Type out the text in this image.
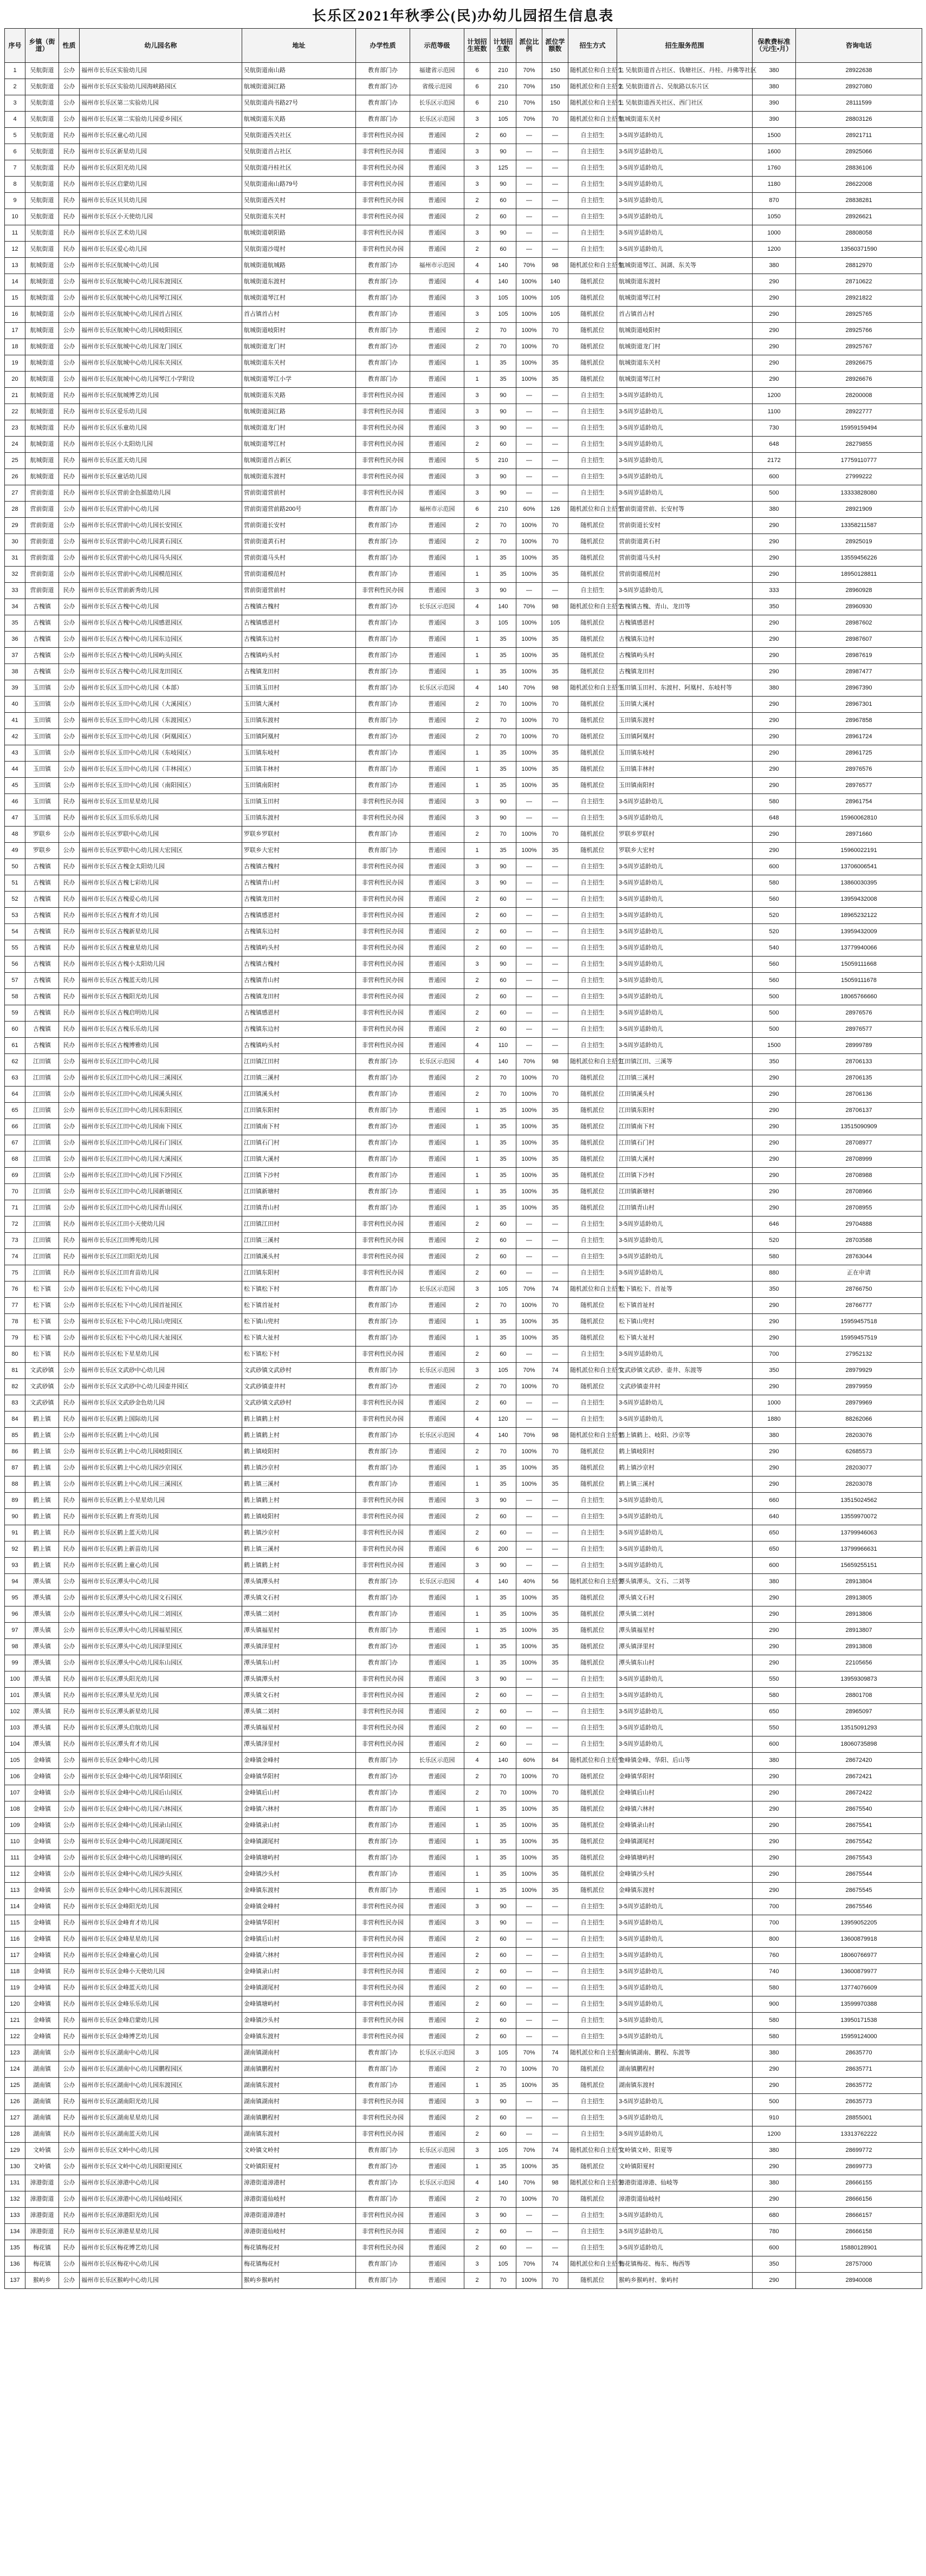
长乐区2021年秋季公(民)办幼儿园招生信息表
序号	乡镇（街道）	性质	幼儿园名称	地址	办学性质	示范等级	计划招生班数	计划招生数	派位比例	派位学额数	招生方式	招生服务范围	保教费标准（元/生•月）	咨询电话
1	吴航街道	公办	福州市长乐区实验幼儿园	吴航街道南山路	教育部门办	福建省示范园	6	210	70%	150	随机派位和自主招生	1. 吴航街道首占社区、钱塘社区、丹桂、丹佛等社区	380	28922638
2	吴航街道	公办	福州市长乐区实验幼儿园海峡路园区	航城街道洞江路	教育部门办	省级示范园	6	210	70%	150	随机派位和自主招生	2. 吴航街道首占、吴航路以东片区	380	28927080
3	吴航街道	公办	福州市长乐区第二实验幼儿园	吴航街道尚书路27号	教育部门办	长乐区示范园	6	210	70%	150	随机派位和自主招生	1. 吴航街道西关社区、西门社区	390	28111599
4	吴航街道	公办	福州市长乐区第二实验幼儿园爱乡园区	航城街道东关路	教育部门办	长乐区示范园	3	105	70%	70	随机派位和自主招生	航城街道东关村	390	28803126
5	吴航街道	民办	福州市长乐区童心幼儿园	吴航街道西关社区	非营利性民办园	普通园	2	60	—	—	自主招生	3-5周岁适龄幼儿	1500	28921711
6	吴航街道	民办	福州市长乐区新星幼儿园	吴航街道首占社区	非营利性民办园	普通园	3	90	—	—	自主招生	3-5周岁适龄幼儿	1600	28925066
7	吴航街道	民办	福州市长乐区阳光幼儿园	吴航街道丹桂社区	非营利性民办园	普通园	3	125	—	—	自主招生	3-5周岁适龄幼儿	1760	28836106
8	吴航街道	民办	福州市长乐区启蒙幼儿园	吴航街道南山路79号	非营利性民办园	普通园	3	90	—	—	自主招生	3-5周岁适龄幼儿	1180	28622008
9	吴航街道	民办	福州市长乐区贝贝幼儿园	吴航街道西关村	非营利性民办园	普通园	2	60	—	—	自主招生	3-5周岁适龄幼儿	870	28838281
10	吴航街道	民办	福州市长乐区小天使幼儿园	吴航街道东关村	非营利性民办园	普通园	2	60	—	—	自主招生	3-5周岁适龄幼儿	1050	28926621
11	吴航街道	民办	福州市长乐区艺术幼儿园	航城街道朝阳路	非营利性民办园	普通园	3	90	—	—	自主招生	3-5周岁适龄幼儿	1000	28808058
12	吴航街道	民办	福州市长乐区爱心幼儿园	吴航街道沙堤村	非营利性民办园	普通园	2	60	—	—	自主招生	3-5周岁适龄幼儿	1200	13560371590
13	航城街道	公办	福州市长乐区航城中心幼儿园	航城街道航城路	教育部门办	福州市示范园	4	140	70%	98	随机派位和自主招生	航城街道琴江、洞湖、东关等	380	28812970
14	航城街道	公办	福州市长乐区航城中心幼儿园东渡园区	航城街道东渡村	教育部门办	普通园	4	140	100%	140	随机派位	航城街道东渡村	290	28710622
15	航城街道	公办	福州市长乐区航城中心幼儿园琴江园区	航城街道琴江村	教育部门办	普通园	3	105	100%	105	随机派位	航城街道琴江村	290	28921822
16	航城街道	公办	福州市长乐区航城中心幼儿园首占园区	首占镇首占村	教育部门办	普通园	3	105	100%	105	随机派位	首占镇首占村	290	28925765
17	航城街道	公办	福州市长乐区航城中心幼儿园岐阳园区	航城街道岐阳村	教育部门办	普通园	2	70	100%	70	随机派位	航城街道岐阳村	290	28925766
18	航城街道	公办	福州市长乐区航城中心幼儿园龙门园区	航城街道龙门村	教育部门办	普通园	2	70	100%	70	随机派位	航城街道龙门村	290	28925767
19	航城街道	公办	福州市长乐区航城中心幼儿园东关园区	航城街道东关村	教育部门办	普通园	1	35	100%	35	随机派位	航城街道东关村	290	28926675
20	航城街道	公办	福州市长乐区航城中心幼儿园琴江小学附设	航城街道琴江小学	教育部门办	普通园	1	35	100%	35	随机派位	航城街道琴江村	290	28926676
21	航城街道	民办	福州市长乐区航城博艺幼儿园	航城街道东关路	非营利性民办园	普通园	3	90	—	—	自主招生	3-5周岁适龄幼儿	1200	28200008
22	航城街道	民办	福州市长乐区爱乐幼儿园	航城街道洞江路	非营利性民办园	普通园	3	90	—	—	自主招生	3-5周岁适龄幼儿	1100	28922777
23	航城街道	民办	福州市长乐区乐童幼儿园	航城街道龙门村	非营利性民办园	普通园	3	90	—	—	自主招生	3-5周岁适龄幼儿	730	15959159494
24	航城街道	民办	福州市长乐区小太阳幼儿园	航城街道琴江村	非营利性民办园	普通园	2	60	—	—	自主招生	3-5周岁适龄幼儿	648	28279855
25	航城街道	民办	福州市长乐区蓝天幼儿园	航城街道首占新区	非营利性民办园	普通园	5	210	—	—	自主招生	3-5周岁适龄幼儿	2172	17759110777
26	航城街道	民办	福州市长乐区童话幼儿园	航城街道东渡村	非营利性民办园	普通园	3	90	—	—	自主招生	3-5周岁适龄幼儿	600	27999222
27	营前街道	民办	福州市长乐区营前金色摇篮幼儿园	营前街道营前村	非营利性民办园	普通园	3	90	—	—	自主招生	3-5周岁适龄幼儿	500	13333828080
28	营前街道	公办	福州市长乐区营前中心幼儿园	营前街道营前路200号	教育部门办	福州市示范园	6	210	60%	126	随机派位和自主招生	营前街道营前、长安村等	380	28921909
29	营前街道	公办	福州市长乐区营前中心幼儿园长安园区	营前街道长安村	教育部门办	普通园	2	70	100%	70	随机派位	营前街道长安村	290	13358211587
30	营前街道	公办	福州市长乐区营前中心幼儿园黄石园区	营前街道黄石村	教育部门办	普通园	2	70	100%	70	随机派位	营前街道黄石村	290	28925019
31	营前街道	公办	福州市长乐区营前中心幼儿园马头园区	营前街道马头村	教育部门办	普通园	1	35	100%	35	随机派位	营前街道马头村	290	13559456226
32	营前街道	公办	福州市长乐区营前中心幼儿园模范园区	营前街道模范村	教育部门办	普通园	1	35	100%	35	随机派位	营前街道模范村	290	18950128811
33	营前街道	民办	福州市长乐区营前新秀幼儿园	营前街道营前村	非营利性民办园	普通园	3	90	—	—	自主招生	3-5周岁适龄幼儿	333	28960928
34	古槐镇	公办	福州市长乐区古槐中心幼儿园	古槐镇古槐村	教育部门办	长乐区示范园	4	140	70%	98	随机派位和自主招生	古槐镇古槐、青山、龙田等	350	28960930
35	古槐镇	公办	福州市长乐区古槐中心幼儿园感恩园区	古槐镇感恩村	教育部门办	普通园	3	105	100%	105	随机派位	古槐镇感恩村	290	28987602
36	古槐镇	公办	福州市长乐区古槐中心幼儿园东边园区	古槐镇东边村	教育部门办	普通园	1	35	100%	35	随机派位	古槐镇东边村	290	28987607
37	古槐镇	公办	福州市长乐区古槐中心幼儿园屿头园区	古槐镇屿头村	教育部门办	普通园	1	35	100%	35	随机派位	古槐镇屿头村	290	28987619
38	古槐镇	公办	福州市长乐区古槐中心幼儿园龙田园区	古槐镇龙田村	教育部门办	普通园	1	35	100%	35	随机派位	古槐镇龙田村	290	28987477
39	玉田镇	公办	福州市长乐区玉田中心幼儿园（本部）	玉田镇玉田村	教育部门办	长乐区示范园	4	140	70%	98	随机派位和自主招生	玉田镇玉田村、东渡村、阿凰村、东岐村等	380	28967390
40	玉田镇	公办	福州市长乐区玉田中心幼儿园（大溪园区）	玉田镇大溪村	教育部门办	普通园	2	70	100%	70	随机派位	玉田镇大溪村	290	28967301
41	玉田镇	公办	福州市长乐区玉田中心幼儿园（东渡园区）	玉田镇东渡村	教育部门办	普通园	2	70	100%	70	随机派位	玉田镇东渡村	290	28967858
42	玉田镇	公办	福州市长乐区玉田中心幼儿园（阿凰园区）	玉田镇阿凰村	教育部门办	普通园	2	70	100%	70	随机派位	玉田镇阿凰村	290	28961724
43	玉田镇	公办	福州市长乐区玉田中心幼儿园（东岐园区）	玉田镇东岐村	教育部门办	普通园	1	35	100%	35	随机派位	玉田镇东岐村	290	28961725
44	玉田镇	公办	福州市长乐区玉田中心幼儿园（丰林园区）	玉田镇丰林村	教育部门办	普通园	1	35	100%	35	随机派位	玉田镇丰林村	290	28976576
45	玉田镇	公办	福州市长乐区玉田中心幼儿园（南阳园区）	玉田镇南阳村	教育部门办	普通园	1	35	100%	35	随机派位	玉田镇南阳村	290	28976577
46	玉田镇	民办	福州市长乐区玉田星星幼儿园	玉田镇玉田村	非营利性民办园	普通园	3	90	—	—	自主招生	3-5周岁适龄幼儿	580	28961754
47	玉田镇	民办	福州市长乐区玉田乐乐幼儿园	玉田镇东渡村	非营利性民办园	普通园	3	90	—	—	自主招生	3-5周岁适龄幼儿	648	15960062810
48	罗联乡	公办	福州市长乐区罗联中心幼儿园	罗联乡罗联村	教育部门办	普通园	2	70	100%	70	随机派位	罗联乡罗联村	290	28971660
49	罗联乡	公办	福州市长乐区罗联中心幼儿园大宏园区	罗联乡大宏村	教育部门办	普通园	1	35	100%	35	随机派位	罗联乡大宏村	290	15960022191
50	古槐镇	民办	福州市长乐区古槐金太阳幼儿园	古槐镇古槐村	非营利性民办园	普通园	3	90	—	—	自主招生	3-5周岁适龄幼儿	600	13706006541
51	古槐镇	民办	福州市长乐区古槐七彩幼儿园	古槐镇青山村	非营利性民办园	普通园	3	90	—	—	自主招生	3-5周岁适龄幼儿	580	13860030395
52	古槐镇	民办	福州市长乐区古槐爱心幼儿园	古槐镇龙田村	非营利性民办园	普通园	2	60	—	—	自主招生	3-5周岁适龄幼儿	560	13959432008
53	古槐镇	民办	福州市长乐区古槐育才幼儿园	古槐镇感恩村	非营利性民办园	普通园	2	60	—	—	自主招生	3-5周岁适龄幼儿	520	18965232122
54	古槐镇	民办	福州市长乐区古槐新星幼儿园	古槐镇东边村	非营利性民办园	普通园	2	60	—	—	自主招生	3-5周岁适龄幼儿	520	13959432009
55	古槐镇	民办	福州市长乐区古槐童星幼儿园	古槐镇屿头村	非营利性民办园	普通园	2	60	—	—	自主招生	3-5周岁适龄幼儿	540	13779940066
56	古槐镇	民办	福州市长乐区古槐小太阳幼儿园	古槐镇古槐村	非营利性民办园	普通园	3	90	—	—	自主招生	3-5周岁适龄幼儿	560	15059111668
57	古槐镇	民办	福州市长乐区古槐蓝天幼儿园	古槐镇青山村	非营利性民办园	普通园	2	60	—	—	自主招生	3-5周岁适龄幼儿	560	15059111678
58	古槐镇	民办	福州市长乐区古槐阳光幼儿园	古槐镇龙田村	非营利性民办园	普通园	2	60	—	—	自主招生	3-5周岁适龄幼儿	500	18065766660
59	古槐镇	民办	福州市长乐区古槐启明幼儿园	古槐镇感恩村	非营利性民办园	普通园	2	60	—	—	自主招生	3-5周岁适龄幼儿	500	28976576
60	古槐镇	民办	福州市长乐区古槐乐乐幼儿园	古槐镇东边村	非营利性民办园	普通园	2	60	—	—	自主招生	3-5周岁适龄幼儿	500	28976577
61	古槐镇	民办	福州市长乐区古槐博雅幼儿园	古槐镇屿头村	非营利性民办园	普通园	4	110	—	—	自主招生	3-5周岁适龄幼儿	1500	28999789
62	江田镇	公办	福州市长乐区江田中心幼儿园	江田镇江田村	教育部门办	长乐区示范园	4	140	70%	98	随机派位和自主招生	江田镇江田、三溪等	350	28706133
63	江田镇	公办	福州市长乐区江田中心幼儿园三溪园区	江田镇三溪村	教育部门办	普通园	2	70	100%	70	随机派位	江田镇三溪村	290	28706135
64	江田镇	公办	福州市长乐区江田中心幼儿园溪头园区	江田镇溪头村	教育部门办	普通园	2	70	100%	70	随机派位	江田镇溪头村	290	28706136
65	江田镇	公办	福州市长乐区江田中心幼儿园东阳园区	江田镇东阳村	教育部门办	普通园	1	35	100%	35	随机派位	江田镇东阳村	290	28706137
66	江田镇	公办	福州市长乐区江田中心幼儿园南下园区	江田镇南下村	教育部门办	普通园	1	35	100%	35	随机派位	江田镇南下村	290	13515090909
67	江田镇	公办	福州市长乐区江田中心幼儿园石门园区	江田镇石门村	教育部门办	普通园	1	35	100%	35	随机派位	江田镇石门村	290	28708977
68	江田镇	公办	福州市长乐区江田中心幼儿园大溪园区	江田镇大溪村	教育部门办	普通园	1	35	100%	35	随机派位	江田镇大溪村	290	28708999
69	江田镇	公办	福州市长乐区江田中心幼儿园下沙园区	江田镇下沙村	教育部门办	普通园	1	35	100%	35	随机派位	江田镇下沙村	290	28708988
70	江田镇	公办	福州市长乐区江田中心幼儿园新塘园区	江田镇新塘村	教育部门办	普通园	1	35	100%	35	随机派位	江田镇新塘村	290	28708966
71	江田镇	公办	福州市长乐区江田中心幼儿园青山园区	江田镇青山村	教育部门办	普通园	1	35	100%	35	随机派位	江田镇青山村	290	28708955
72	江田镇	民办	福州市长乐区江田小天使幼儿园	江田镇江田村	非营利性民办园	普通园	2	60	—	—	自主招生	3-5周岁适龄幼儿	646	29704888
73	江田镇	民办	福州市长乐区江田博苑幼儿园	江田镇三溪村	非营利性民办园	普通园	2	60	—	—	自主招生	3-5周岁适龄幼儿	520	28703588
74	江田镇	民办	福州市长乐区江田阳光幼儿园	江田镇溪头村	非营利性民办园	普通园	2	60	—	—	自主招生	3-5周岁适龄幼儿	580	28763044
75	江田镇	民办	福州市长乐区江田育苗幼儿园	江田镇东阳村	非营利性民办园	普通园	2	60	—	—	自主招生	3-5周岁适龄幼儿	880	正在申请
76	松下镇	公办	福州市长乐区松下中心幼儿园	松下镇松下村	教育部门办	长乐区示范园	3	105	70%	74	随机派位和自主招生	松下镇松下、首祉等	350	28766750
77	松下镇	公办	福州市长乐区松下中心幼儿园首祉园区	松下镇首祉村	教育部门办	普通园	2	70	100%	70	随机派位	松下镇首祉村	290	28766777
78	松下镇	公办	福州市长乐区松下中心幼儿园山兜园区	松下镇山兜村	教育部门办	普通园	1	35	100%	35	随机派位	松下镇山兜村	290	15959457518
79	松下镇	公办	福州市长乐区松下中心幼儿园大祉园区	松下镇大祉村	教育部门办	普通园	1	35	100%	35	随机派位	松下镇大祉村	290	15959457519
80	松下镇	民办	福州市长乐区松下星星幼儿园	松下镇松下村	非营利性民办园	普通园	2	60	—	—	自主招生	3-5周岁适龄幼儿	700	27952132
81	文武砂镇	公办	福州市长乐区文武砂中心幼儿园	文武砂镇文武砂村	教育部门办	长乐区示范园	3	105	70%	74	随机派位和自主招生	文武砂镇文武砂、壶井、东渡等	350	28979929
82	文武砂镇	公办	福州市长乐区文武砂中心幼儿园壶井园区	文武砂镇壶井村	教育部门办	普通园	2	70	100%	70	随机派位	文武砂镇壶井村	290	28979959
83	文武砂镇	民办	福州市长乐区文武砂金色幼儿园	文武砂镇文武砂村	非营利性民办园	普通园	2	60	—	—	自主招生	3-5周岁适龄幼儿	1000	28979969
84	鹤上镇	民办	福州市长乐区鹤上国际幼儿园	鹤上镇鹤上村	非营利性民办园	普通园	4	120	—	—	自主招生	3-5周岁适龄幼儿	1880	88262066
85	鹤上镇	公办	福州市长乐区鹤上中心幼儿园	鹤上镇鹤上村	教育部门办	长乐区示范园	4	140	70%	98	随机派位和自主招生	鹤上镇鹤上、岐阳、沙京等	380	28203076
86	鹤上镇	公办	福州市长乐区鹤上中心幼儿园岐阳园区	鹤上镇岐阳村	教育部门办	普通园	2	70	100%	70	随机派位	鹤上镇岐阳村	290	62685573
87	鹤上镇	公办	福州市长乐区鹤上中心幼儿园沙京园区	鹤上镇沙京村	教育部门办	普通园	1	35	100%	35	随机派位	鹤上镇沙京村	290	28203077
88	鹤上镇	公办	福州市长乐区鹤上中心幼儿园三溪园区	鹤上镇三溪村	教育部门办	普通园	1	35	100%	35	随机派位	鹤上镇三溪村	290	28203078
89	鹤上镇	民办	福州市长乐区鹤上小星星幼儿园	鹤上镇鹤上村	非营利性民办园	普通园	3	90	—	—	自主招生	3-5周岁适龄幼儿	660	13515024562
90	鹤上镇	民办	福州市长乐区鹤上育英幼儿园	鹤上镇岐阳村	非营利性民办园	普通园	2	60	—	—	自主招生	3-5周岁适龄幼儿	640	13559970072
91	鹤上镇	民办	福州市长乐区鹤上蓝天幼儿园	鹤上镇沙京村	非营利性民办园	普通园	2	60	—	—	自主招生	3-5周岁适龄幼儿	650	13799946063
92	鹤上镇	民办	福州市长乐区鹤上新苗幼儿园	鹤上镇三溪村	非营利性民办园	普通园	6	200	—	—	自主招生	3-5周岁适龄幼儿	650	13799966631
93	鹤上镇	民办	福州市长乐区鹤上童心幼儿园	鹤上镇鹤上村	非营利性民办园	普通园	3	90	—	—	自主招生	3-5周岁适龄幼儿	600	15659255151
94	潭头镇	公办	福州市长乐区潭头中心幼儿园	潭头镇潭头村	教育部门办	长乐区示范园	4	140	40%	56	随机派位和自主招生	潭头镇潭头、文石、二刘等	380	28913804
95	潭头镇	公办	福州市长乐区潭头中心幼儿园文石园区	潭头镇文石村	教育部门办	普通园	1	35	100%	35	随机派位	潭头镇文石村	290	28913805
96	潭头镇	公办	福州市长乐区潭头中心幼儿园二刘园区	潭头镇二刘村	教育部门办	普通园	1	35	100%	35	随机派位	潭头镇二刘村	290	28913806
97	潭头镇	公办	福州市长乐区潭头中心幼儿园福星园区	潭头镇福星村	教育部门办	普通园	1	35	100%	35	随机派位	潭头镇福星村	290	28913807
98	潭头镇	公办	福州市长乐区潭头中心幼儿园泽里园区	潭头镇泽里村	教育部门办	普通园	1	35	100%	35	随机派位	潭头镇泽里村	290	28913808
99	潭头镇	公办	福州市长乐区潭头中心幼儿园东山园区	潭头镇东山村	教育部门办	普通园	1	35	100%	35	随机派位	潭头镇东山村	290	22105656
100	潭头镇	民办	福州市长乐区潭头阳光幼儿园	潭头镇潭头村	非营利性民办园	普通园	3	90	—	—	自主招生	3-5周岁适龄幼儿	550	13959309873
101	潭头镇	民办	福州市长乐区潭头星光幼儿园	潭头镇文石村	非营利性民办园	普通园	2	60	—	—	自主招生	3-5周岁适龄幼儿	580	28801708
102	潭头镇	民办	福州市长乐区潭头新星幼儿园	潭头镇二刘村	非营利性民办园	普通园	2	60	—	—	自主招生	3-5周岁适龄幼儿	650	28965097
103	潭头镇	民办	福州市长乐区潭头启航幼儿园	潭头镇福星村	非营利性民办园	普通园	2	60	—	—	自主招生	3-5周岁适龄幼儿	550	13515091293
104	潭头镇	民办	福州市长乐区潭头育才幼儿园	潭头镇泽里村	非营利性民办园	普通园	2	60	—	—	自主招生	3-5周岁适龄幼儿	600	18060735898
105	金峰镇	公办	福州市长乐区金峰中心幼儿园	金峰镇金峰村	教育部门办	长乐区示范园	4	140	60%	84	随机派位和自主招生	金峰镇金峰、华阳、后山等	380	28672420
106	金峰镇	公办	福州市长乐区金峰中心幼儿园华阳园区	金峰镇华阳村	教育部门办	普通园	2	70	100%	70	随机派位	金峰镇华阳村	290	28672421
107	金峰镇	公办	福州市长乐区金峰中心幼儿园后山园区	金峰镇后山村	教育部门办	普通园	2	70	100%	70	随机派位	金峰镇后山村	290	28672422
108	金峰镇	公办	福州市长乐区金峰中心幼儿园六林园区	金峰镇六林村	教育部门办	普通园	1	35	100%	35	随机派位	金峰镇六林村	290	28675540
109	金峰镇	公办	福州市长乐区金峰中心幼儿园录山园区	金峰镇录山村	教育部门办	普通园	1	35	100%	35	随机派位	金峰镇录山村	290	28675541
110	金峰镇	公办	福州市长乐区金峰中心幼儿园湖尾园区	金峰镇湖尾村	教育部门办	普通园	1	35	100%	35	随机派位	金峰镇湖尾村	290	28675542
111	金峰镇	公办	福州市长乐区金峰中心幼儿园塘屿园区	金峰镇塘屿村	教育部门办	普通园	1	35	100%	35	随机派位	金峰镇塘屿村	290	28675543
112	金峰镇	公办	福州市长乐区金峰中心幼儿园沙头园区	金峰镇沙头村	教育部门办	普通园	1	35	100%	35	随机派位	金峰镇沙头村	290	28675544
113	金峰镇	公办	福州市长乐区金峰中心幼儿园东渡园区	金峰镇东渡村	教育部门办	普通园	1	35	100%	35	随机派位	金峰镇东渡村	290	28675545
114	金峰镇	民办	福州市长乐区金峰阳光幼儿园	金峰镇金峰村	非营利性民办园	普通园	3	90	—	—	自主招生	3-5周岁适龄幼儿	700	28675546
115	金峰镇	民办	福州市长乐区金峰育才幼儿园	金峰镇华阳村	非营利性民办园	普通园	3	90	—	—	自主招生	3-5周岁适龄幼儿	700	13959052205
116	金峰镇	民办	福州市长乐区金峰星星幼儿园	金峰镇后山村	非营利性民办园	普通园	2	60	—	—	自主招生	3-5周岁适龄幼儿	800	13600879918
117	金峰镇	民办	福州市长乐区金峰童心幼儿园	金峰镇六林村	非营利性民办园	普通园	2	60	—	—	自主招生	3-5周岁适龄幼儿	760	18060766977
118	金峰镇	民办	福州市长乐区金峰小天使幼儿园	金峰镇录山村	非营利性民办园	普通园	2	60	—	—	自主招生	3-5周岁适龄幼儿	740	13600879977
119	金峰镇	民办	福州市长乐区金峰蓝天幼儿园	金峰镇湖尾村	非营利性民办园	普通园	2	60	—	—	自主招生	3-5周岁适龄幼儿	580	13774076609
120	金峰镇	民办	福州市长乐区金峰乐乐幼儿园	金峰镇塘屿村	非营利性民办园	普通园	2	60	—	—	自主招生	3-5周岁适龄幼儿	900	13599970388
121	金峰镇	民办	福州市长乐区金峰启蒙幼儿园	金峰镇沙头村	非营利性民办园	普通园	2	60	—	—	自主招生	3-5周岁适龄幼儿	580	13950171538
122	金峰镇	民办	福州市长乐区金峰博艺幼儿园	金峰镇东渡村	非营利性民办园	普通园	2	60	—	—	自主招生	3-5周岁适龄幼儿	580	15959124000
123	湖南镇	公办	福州市长乐区湖南中心幼儿园	湖南镇湖南村	教育部门办	长乐区示范园	3	105	70%	74	随机派位和自主招生	湖南镇湖南、鹏程、东渡等	380	28635770
124	湖南镇	公办	福州市长乐区湖南中心幼儿园鹏程园区	湖南镇鹏程村	教育部门办	普通园	2	70	100%	70	随机派位	湖南镇鹏程村	290	28635771
125	湖南镇	公办	福州市长乐区湖南中心幼儿园东渡园区	湖南镇东渡村	教育部门办	普通园	1	35	100%	35	随机派位	湖南镇东渡村	290	28635772
126	湖南镇	民办	福州市长乐区湖南阳光幼儿园	湖南镇湖南村	非营利性民办园	普通园	3	90	—	—	自主招生	3-5周岁适龄幼儿	500	28635773
127	湖南镇	民办	福州市长乐区湖南星星幼儿园	湖南镇鹏程村	非营利性民办园	普通园	2	60	—	—	自主招生	3-5周岁适龄幼儿	910	28855001
128	湖南镇	民办	福州市长乐区湖南蓝天幼儿园	湖南镇东渡村	非营利性民办园	普通园	2	60	—	—	自主招生	3-5周岁适龄幼儿	1200	13313762222
129	文岭镇	公办	福州市长乐区文岭中心幼儿园	文岭镇文岭村	教育部门办	长乐区示范园	3	105	70%	74	随机派位和自主招生	文岭镇文岭、阳夏等	380	28699772
130	文岭镇	公办	福州市长乐区文岭中心幼儿园阳夏园区	文岭镇阳夏村	教育部门办	普通园	1	35	100%	35	随机派位	文岭镇阳夏村	290	28699773
131	漳港街道	公办	福州市长乐区漳港中心幼儿园	漳港街道漳港村	教育部门办	长乐区示范园	4	140	70%	98	随机派位和自主招生	漳港街道漳港、仙岐等	380	28666155
132	漳港街道	公办	福州市长乐区漳港中心幼儿园仙岐园区	漳港街道仙岐村	教育部门办	普通园	2	70	100%	70	随机派位	漳港街道仙岐村	290	28666156
133	漳港街道	民办	福州市长乐区漳港阳光幼儿园	漳港街道漳港村	非营利性民办园	普通园	3	90	—	—	自主招生	3-5周岁适龄幼儿	680	28666157
134	漳港街道	民办	福州市长乐区漳港星星幼儿园	漳港街道仙岐村	非营利性民办园	普通园	2	60	—	—	自主招生	3-5周岁适龄幼儿	780	28666158
135	梅花镇	民办	福州市长乐区梅花博艺幼儿园	梅花镇梅花村	非营利性民办园	普通园	2	60	—	—	自主招生	3-5周岁适龄幼儿	600	15880128901
136	梅花镇	公办	福州市长乐区梅花中心幼儿园	梅花镇梅花村	教育部门办	普通园	3	105	70%	74	随机派位和自主招生	梅花镇梅花、梅东、梅西等	350	28757000
137	猴屿乡	公办	福州市长乐区猴屿中心幼儿园	猴屿乡猴屿村	教育部门办	普通园	2	70	100%	70	随机派位	猴屿乡猴屿村、象屿村	290	28940008
